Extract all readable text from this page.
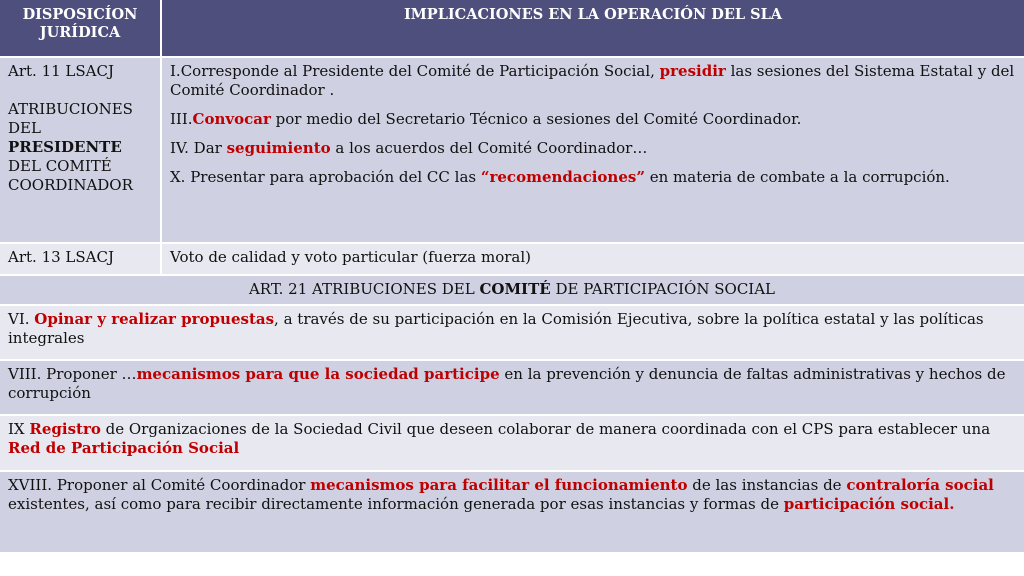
DISPOSICÍON JURÍDICA
IMPLICACIONES EN LA OPERACIÓN DEL SLA

Art. 11 LSACJ

ATRIBUCIONES

DEL

PRESIDENTE

DEL COMITÉ

COORDINADOR

I.Corresponde al Presidente del Comité de Participación Social, presidir las sesiones del Sistema Estatal y del Comité Coordinador .

III.Convocar por medio del Secretario Técnico a sesiones del Comité Coordinador.

IV. Dar seguimiento a los acuerdos del Comité Coordinador…

X. Presentar para aprobación del CC las “recomendaciones” en materia de combate a la corrupción.

Art. 13 LSACJ	Voto de calidad y voto particular (fuerza moral)
ART. 21 ATRIBUCIONES DEL COMITÉ DE PARTICIPACIÓN SOCIAL
VI. Opinar y realizar propuestas, a través de su participación en la Comisión Ejecutiva, sobre la política estatal y las políticas integrales
VIII. Proponer …mecanismos para que la sociedad participe en la prevención y denuncia de faltas administrativas y hechos de corrupción
IX Registro de Organizaciones de la Sociedad Civil que deseen colaborar de manera coordinada con el CPS para establecer una Red de Participación Social
XVIII. Proponer al Comité Coordinador mecanismos para facilitar el funcionamiento de las instancias de contraloría social existentes, así como para recibir directamente información generada por esas instancias y formas de participación social.
